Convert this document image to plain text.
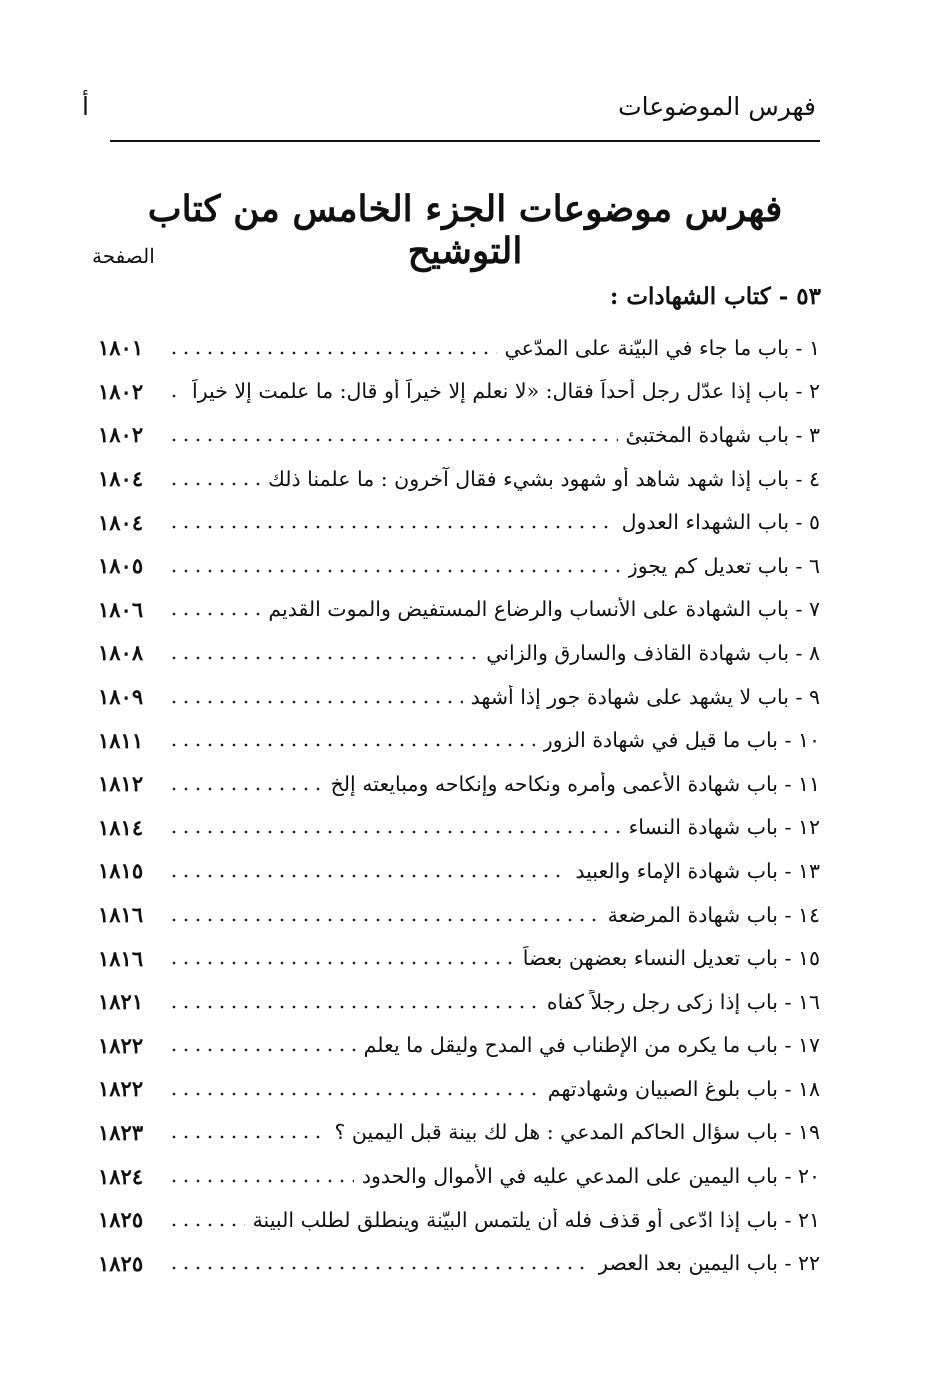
فهرس الموضوعات
أ
فهرس موضوعات الجزء الخامس من كتاب التوشيح
الصفحة
٥٣ - كتاب الشهادات :
١ - باب ما جاء في البيّنة على المدّعي
١٨٠١
٢ - باب إذا عدّل رجل أحداً فقال: «لا نعلم إلا خيراً أو قال: ما علمت إلا خيراً
١٨٠٢
٣ - باب شهادة المختبئ
١٨٠٢
٤ - باب إذا شهد شاهد أو شهود بشيء فقال آخرون : ما علمنا ذلك
١٨٠٤
٥ - باب الشهداء العدول
١٨٠٤
٦ - باب تعديل كم يجوز
١٨٠٥
٧ - باب الشهادة على الأنساب والرضاع المستفيض والموت القديم
١٨٠٦
٨ - باب شهادة القاذف والسارق والزاني
١٨٠٨
٩ - باب لا يشهد على شهادة جور إذا أشهد
١٨٠٩
١٠ - باب ما قيل في شهادة الزور
١٨١١
١١ - باب شهادة الأعمى وأمره ونكاحه وإنكاحه ومبايعته إلخ
١٨١٢
١٢ - باب شهادة النساء
١٨١٤
١٣ - باب شهادة الإماء والعبيد
١٨١٥
١٤ - باب شهادة المرضعة
١٨١٦
١٥ - باب تعديل النساء بعضهن بعضاً
١٨١٦
١٦ - باب إذا زكى رجل رجلاً كفاه
١٨٢١
١٧ - باب ما يكره من الإطناب في المدح وليقل ما يعلم
١٨٢٢
١٨ - باب بلوغ الصبيان وشهادتهم
١٨٢٢
١٩ - باب سؤال الحاكم المدعي : هل لك بينة قبل اليمين ؟
١٨٢٣
٢٠ - باب اليمين على المدعي عليه في الأموال والحدود
١٨٢٤
٢١ - باب إذا ادّعى أو قذف فله أن يلتمس البيّنة وينطلق لطلب البينة
١٨٢٥
٢٢ - باب اليمين بعد العصر
١٨٢٥
